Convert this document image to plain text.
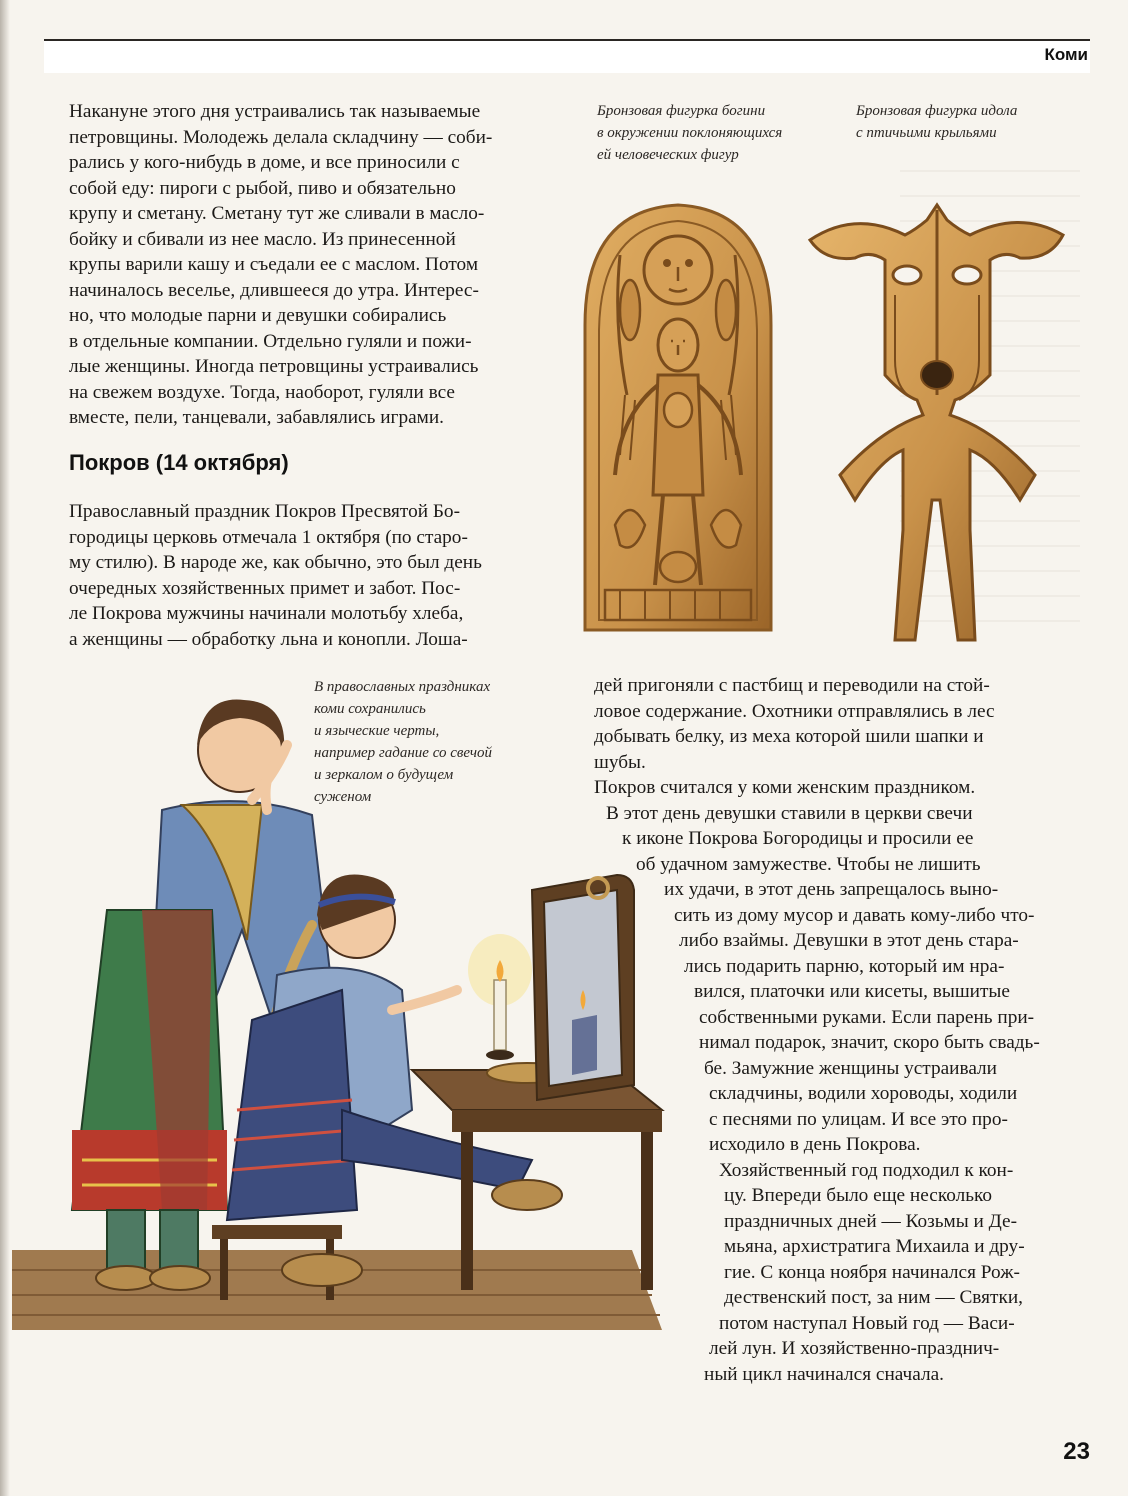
Коми
Накануне этого дня устраивались так называемые
петровщины. Молодежь делала складчину — соби-
рались у кого-нибудь в доме, и все приносили с
собой еду: пироги с рыбой, пиво и обязательно
крупу и сметану. Сметану тут же сливали в масло-
бойку и сбивали из нее масло. Из принесенной
крупы варили кашу и съедали ее с маслом. Потом
начиналось веселье, длившееся до утра. Интерес-
но, что молодые парни и девушки собирались
в отдельные компании. Отдельно гуляли и пожи-
лые женщины. Иногда петровщины устраивались
на свежем воздухе. Тогда, наоборот, гуляли все
вместе, пели, танцевали, забавлялись играми.
Покров (14 октября)
Православный праздник Покров Пресвятой Бо-
городицы церковь отмечала 1 октября (по старо-
му стилю). В народе же, как обычно, это был день
очередных хозяйственных примет и забот. Пос-
ле Покрова мужчины начинали молотьбу хлеба,
а женщины — обработку льна и конопли. Лоша-
дей пригоняли с пастбищ и переводили на стой-
ловое содержание. Охотники отправлялись в лес
добывать белку, из меха которой шили шапки и
шубы.
Покров считался у коми женским праздником.
В этот день девушки ставили в церкви свечи
к иконе Покрова Богородицы и просили ее
об удачном замужестве. Чтобы не лишить
их удачи, в этот день запрещалось выно-
сить из дому мусор и давать кому-либо что-
либо взаймы. Девушки в этот день стара-
лись подарить парню, который им нра-
вился, платочки или кисеты, вышитые
собственными руками. Если парень при-
нимал подарок, значит, скоро быть свадь-
бе. Замужние женщины устраивали
складчины, водили хороводы, ходили
с песнями по улицам. И все это про-
исходило в день Покрова.
Хозяйственный год подходил к кон-
цу. Впереди было еще несколько
праздничных дней — Козьмы и Де-
мьяна, архистратига Михаила и дру-
гие. С конца ноября начинался Рож-
дественский пост, за ним — Святки,
потом наступал Новый год — Васи-
лей лун. И хозяйственно-празднич-
ный цикл начинался сначала.
Бронзовая фигурка богини
в окружении поклоняющихся
ей человеческих фигур
Бронзовая фигурка идола
с птичьими крыльями
В православных праздниках
коми сохранились
и языческие черты,
например гадание со свечой
и зеркалом о будущем
суженом
23
